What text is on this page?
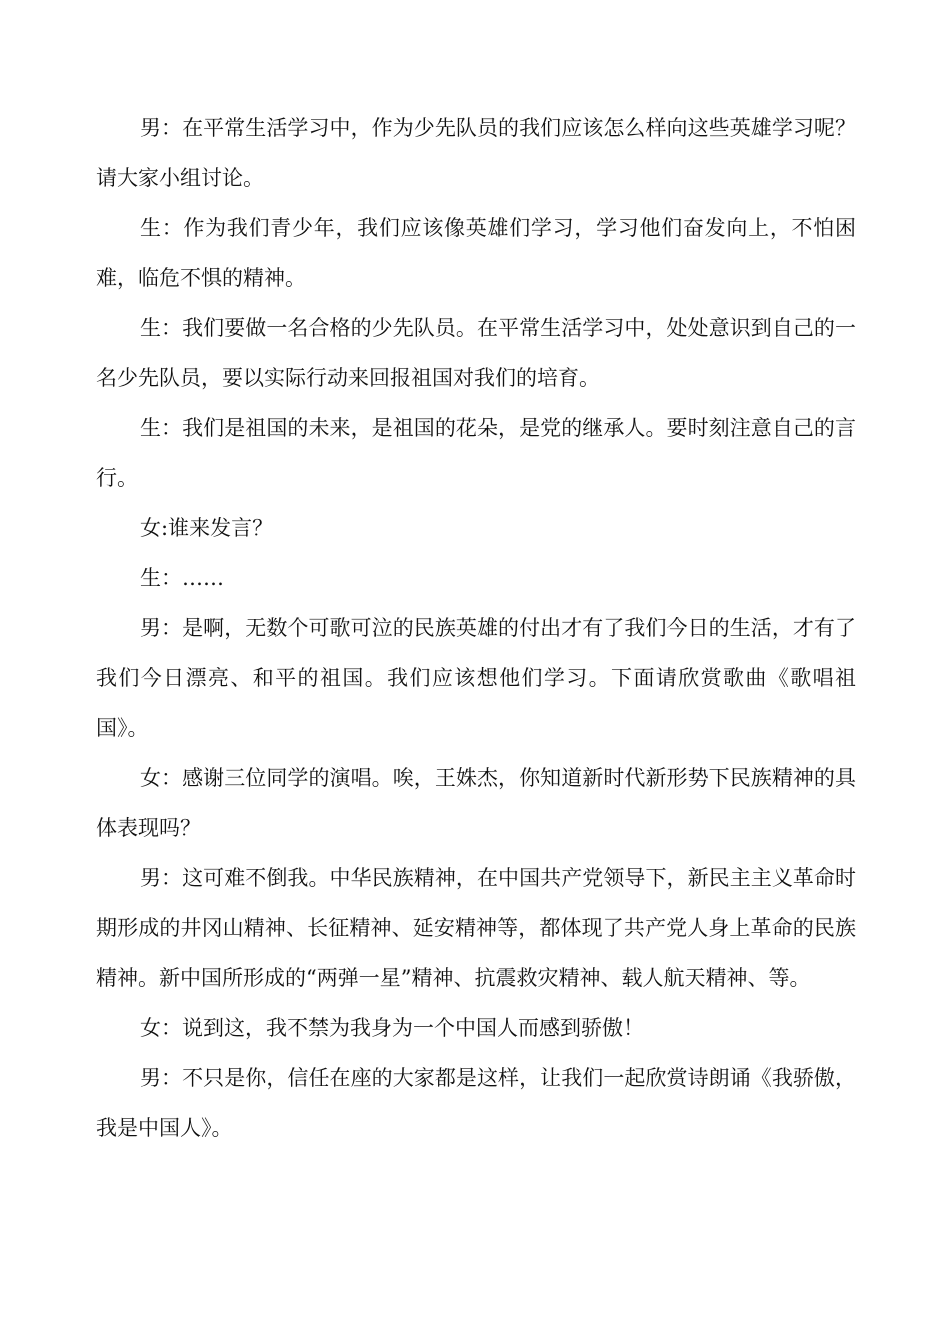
男：在平常生活学习中，作为少先队员的我们应该怎么样向这些英雄学习呢？请大家小组讨论。

生：作为我们青少年，我们应该像英雄们学习，学习他们奋发向上，不怕困难，临危不惧的精神。

生：我们要做一名合格的少先队员。在平常生活学习中，处处意识到自己的一名少先队员，要以实际行动来回报祖国对我们的培育。

生：我们是祖国的未来，是祖国的花朵，是党的继承人。要时刻注意自己的言行。

女:谁来发言？

生：……

男：是啊，无数个可歌可泣的民族英雄的付出才有了我们今日的生活，才有了我们今日漂亮、和平的祖国。我们应该想他们学习。下面请欣赏歌曲《歌唱祖国》。

女：感谢三位同学的演唱。唉，王姝杰，你知道新时代新形势下民族精神的具体表现吗？

男：这可难不倒我。中华民族精神，在中国共产党领导下，新民主主义革命时期形成的井冈山精神、长征精神、延安精神等，都体现了共产党人身上革命的民族精神。新中国所形成的“两弹一星”精神、抗震救灾精神、载人航天精神、等。

女：说到这，我不禁为我身为一个中国人而感到骄傲！

男：不只是你，信任在座的大家都是这样，让我们一起欣赏诗朗诵《我骄傲，我是中国人》。
